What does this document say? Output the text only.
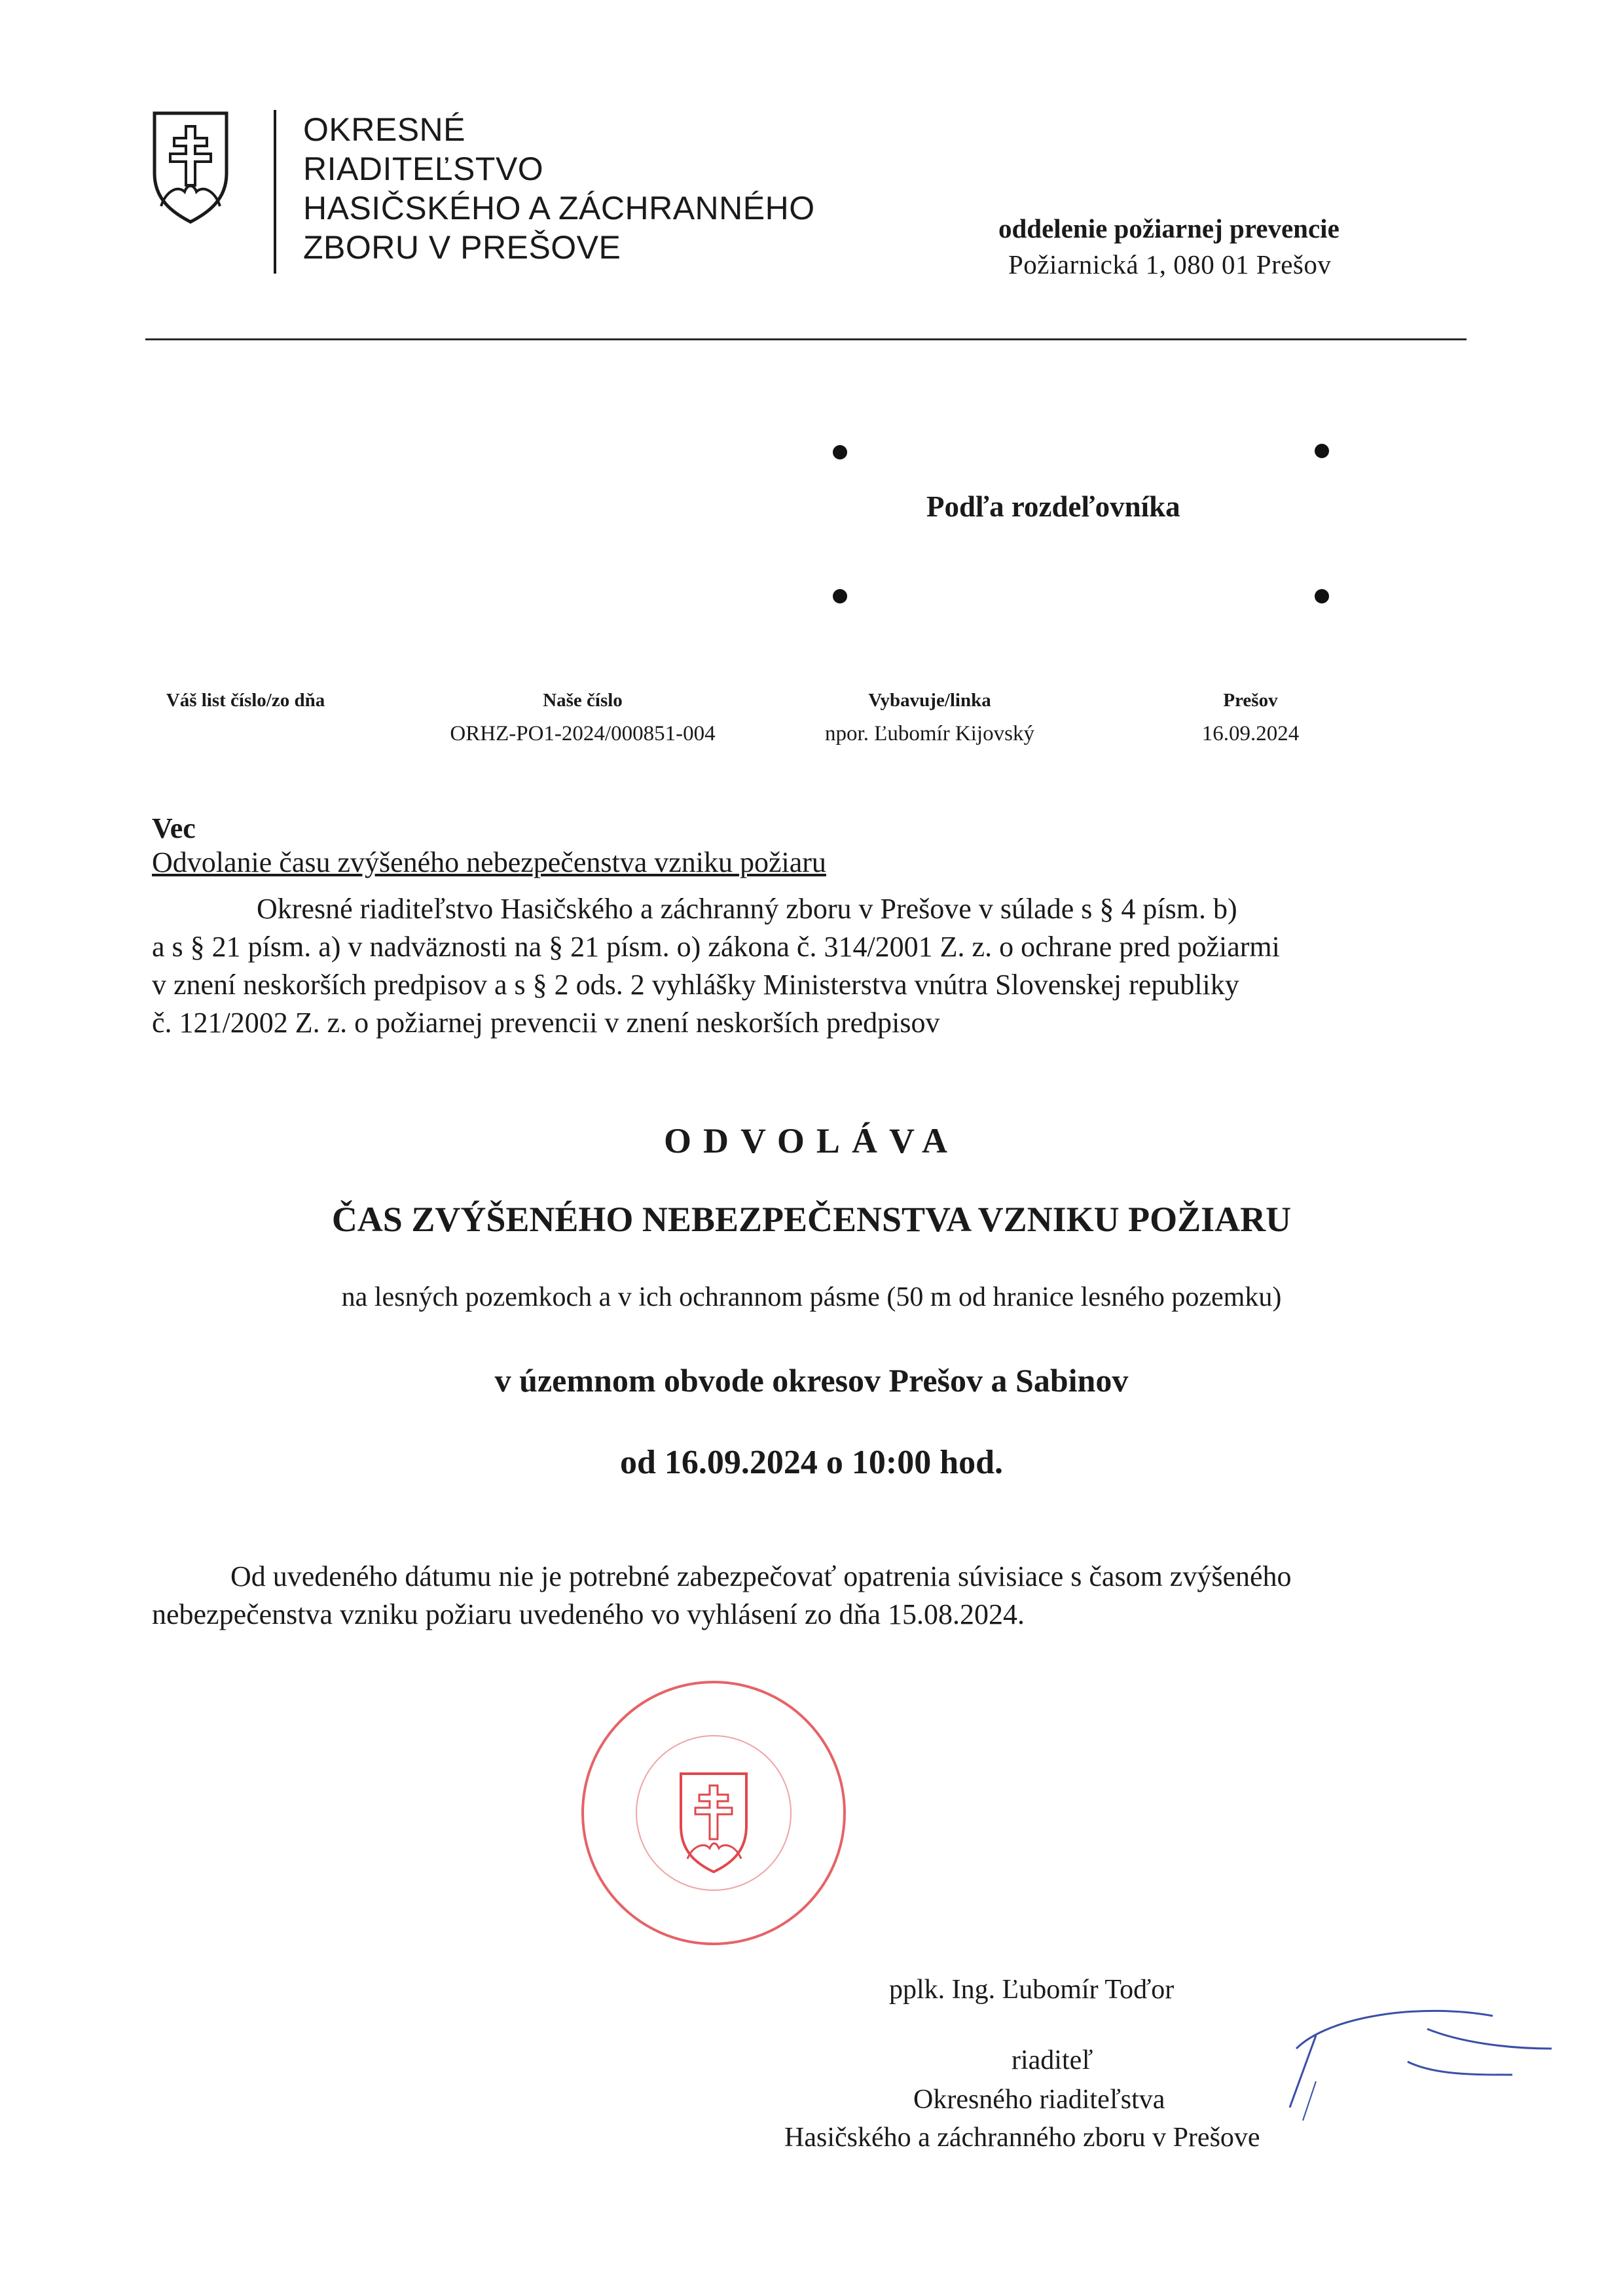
OKRESNÉ
RIADITEĽSTVO
HASIČSKÉHO A ZÁCHRANNÉHO
ZBORU V PREŠOVE
oddelenie požiarnej prevencie
Požiarnická 1, 080 01 Prešov
Podľa rozdeľovníka
Váš list číslo/zo dňa	Naše číslo
ORHZ-PO1-2024/000851-004
Vybavuje/linka
npor. Ľubomír Kijovský
Prešov
16.09.2024
Vec
Odvolanie času zvýšeného nebezpečenstva vzniku požiaru
Okresné riaditeľstvo Hasičského a záchranný zboru v Prešove v súlade s § 4 písm. b)
a s § 21 písm. a) v nadväznosti na § 21 písm. o) zákona č. 314/2001 Z. z. o ochrane pred požiarmi
v znení neskorších predpisov a s § 2 ods. 2 vyhlášky Ministerstva vnútra Slovenskej republiky
č. 121/2002 Z. z. o požiarnej prevencii v znení neskorších predpisov
ODVOLÁVA
ČAS ZVÝŠENÉHO NEBEZPEČENSTVA VZNIKU POŽIARU
na lesných pozemkoch a v ich ochrannom pásme (50 m od hranice lesného pozemku)
v územnom obvode okresov Prešov a Sabinov
od 16.09.2024 o 10:00 hod.
Od uvedeného dátumu nie je potrebné zabezpečovať opatrenia súvisiace s časom zvýšeného
nebezpečenstva vzniku požiaru uvedeného vo vyhlásení zo dňa 15.08.2024.
pplk. Ing. Ľubomír Toďor
riaditeľ
Okresného riaditeľstva
Hasičského a záchranného zboru v Prešove
